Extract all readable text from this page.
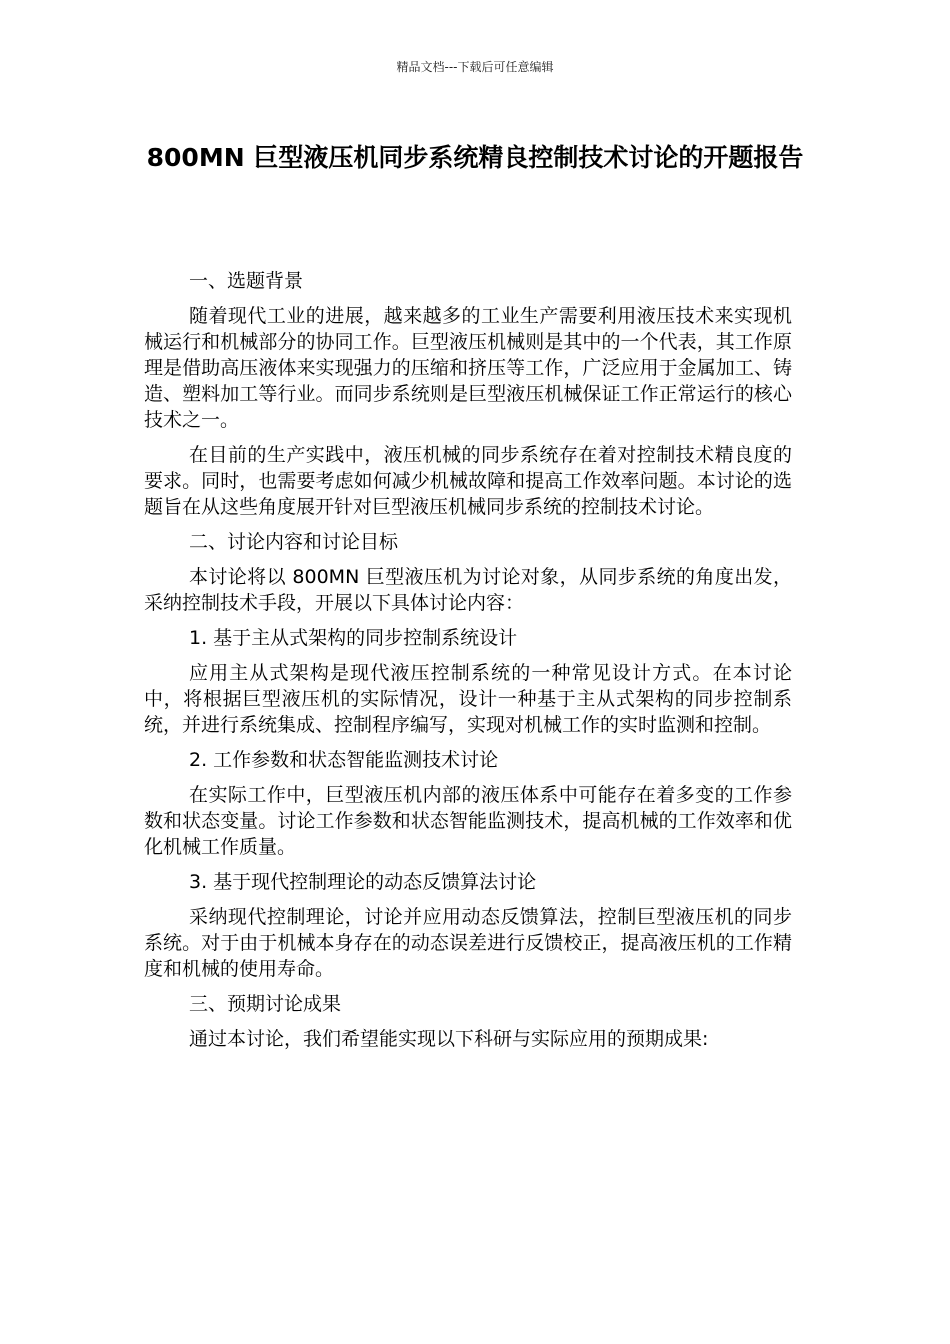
精品文档---下载后可任意编辑
800MN 巨型液压机同步系统精良控制技术讨论的开题报告

一、选题背景

随着现代工业的进展，越来越多的工业生产需要利用液压技术来实现机械运行和机械部分的协同工作。巨型液压机械则是其中的一个代表，其工作原理是借助高压液体来实现强力的压缩和挤压等工作，广泛应用于金属加工、铸造、塑料加工等行业。而同步系统则是巨型液压机械保证工作正常运行的核心技术之一。

在目前的生产实践中，液压机械的同步系统存在着对控制技术精良度的要求。同时，也需要考虑如何减少机械故障和提高工作效率问题。本讨论的选题旨在从这些角度展开针对巨型液压机械同步系统的控制技术讨论。

二、讨论内容和讨论目标

本讨论将以 800MN 巨型液压机为讨论对象，从同步系统的角度出发，采纳控制技术手段，开展以下具体讨论内容：

1. 基于主从式架构的同步控制系统设计

应用主从式架构是现代液压控制系统的一种常见设计方式。在本讨论中，将根据巨型液压机的实际情况，设计一种基于主从式架构的同步控制系统，并进行系统集成、控制程序编写，实现对机械工作的实时监测和控制。

2. 工作参数和状态智能监测技术讨论

在实际工作中，巨型液压机内部的液压体系中可能存在着多变的工作参数和状态变量。讨论工作参数和状态智能监测技术，提高机械的工作效率和优化机械工作质量。

3. 基于现代控制理论的动态反馈算法讨论

采纳现代控制理论，讨论并应用动态反馈算法，控制巨型液压机的同步系统。对于由于机械本身存在的动态误差进行反馈校正，提高液压机的工作精度和机械的使用寿命。

三、预期讨论成果

通过本讨论，我们希望能实现以下科研与实际应用的预期成果:
